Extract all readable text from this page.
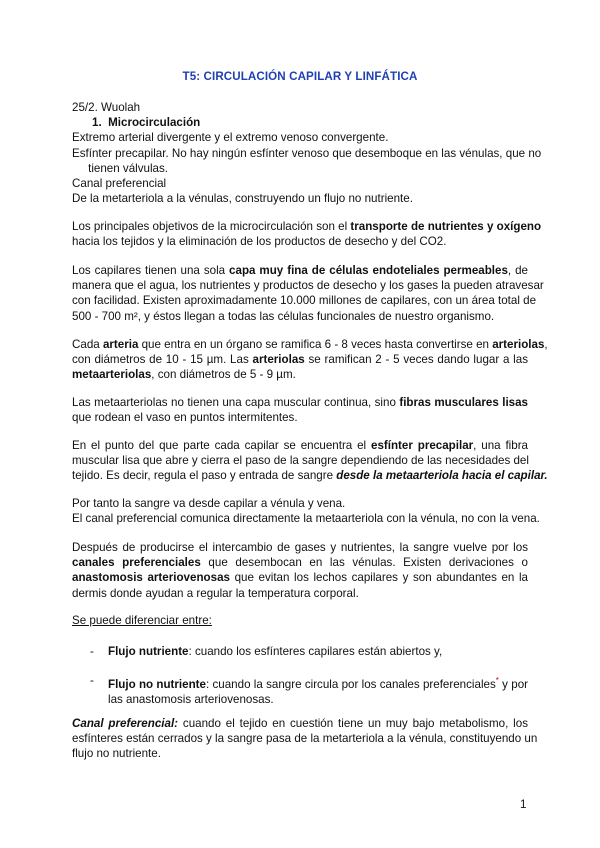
T5: CIRCULACIÓN CAPILAR Y LINFÁTICA
25/2. Wuolah
1. Microcirculación
Extremo arterial divergente y el extremo venoso convergente.
Esfínter precapilar. No hay ningún esfínter venoso que desemboque en las vénulas, que no
tienen válvulas.
Canal preferencial
De la metarteriola a la vénulas, construyendo un flujo no nutriente.
Los principales objetivos de la microcirculación son el transporte de nutrientes y oxígeno
hacia los tejidos y la eliminación de los productos de desecho y del CO2.
Los capilares tienen una sola capa muy fina de células endoteliales permeables, de
manera que el agua, los nutrientes y productos de desecho y los gases la pueden atravesar
con facilidad. Existen aproximadamente 10.000 millones de capilares, con un área total de
500 - 700 m², y éstos llegan a todas las células funcionales de nuestro organismo.
Cada arteria que entra en un órgano se ramifica 6 - 8 veces hasta convertirse en arteriolas,
con diámetros de 10 - 15 µm. Las arteriolas se ramifican 2 - 5 veces dando lugar a las
metaarteriolas, con diámetros de 5 - 9 µm.
Las metaarteriolas no tienen una capa muscular continua, sino fibras musculares lisas
que rodean el vaso en puntos intermitentes.
En el punto del que parte cada capilar se encuentra el esfínter precapilar, una fibra
muscular lisa que abre y cierra el paso de la sangre dependiendo de las necesidades del
tejido. Es decir, regula el paso y entrada de sangre desde la metaarteriola hacia el capilar.
Por tanto la sangre va desde capilar a vénula y vena.
El canal preferencial comunica directamente la metaarteriola con la vénula, no con la vena.
Después de producirse el intercambio de gases y nutrientes, la sangre vuelve por los
canales preferenciales que desembocan en las vénulas. Existen derivaciones o
anastomosis arteriovenosas que evitan los lechos capilares y son abundantes en la
dermis donde ayudan a regular la temperatura corporal.
Se puede diferenciar entre:
- Flujo nutriente: cuando los esfínteres capilares están abiertos y,
- Flujo no nutriente: cuando la sangre circula por los canales preferenciales* y por
las anastomosis arteriovenosas.
Canal preferencial: cuando el tejido en cuestión tiene un muy bajo metabolismo, los
esfínteres están cerrados y la sangre pasa de la metarteriola a la vénula, constituyendo un
flujo no nutriente.
1
